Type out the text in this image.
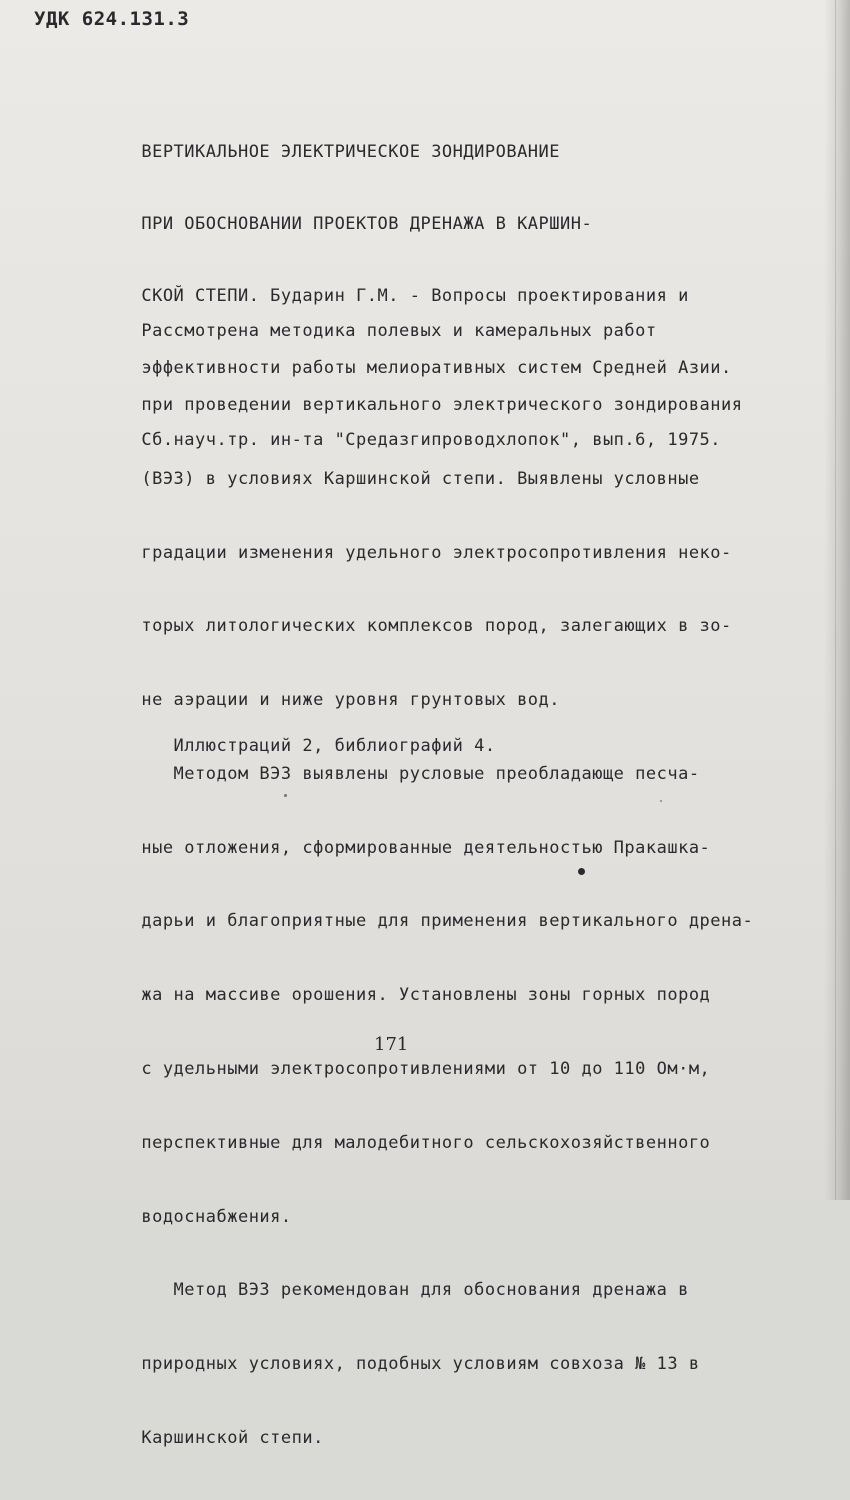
УДК 624.131.3

ВЕРТИКАЛЬНОЕ ЭЛЕКТРИЧЕСКОЕ ЗОНДИРОВАНИЕ

ПРИ ОБОСНОВАНИИ ПРОЕКТОВ ДРЕНАЖА В КАРШИН-

СКОЙ СТЕПИ. Бударин Г.М. - Вопросы проектирования и

эффективности работы мелиоративных систем Средней Азии.

Сб.науч.тр. ин-та "Средазгипроводхлопок", вып.6, 1975.

Рассмотрена методика полевых и камеральных работ

при проведении вертикального электрического зондирования

(ВЭЗ) в условиях Каршинской степи. Выявлены условные

градации изменения удельного электросопротивления неко-

торых литологических комплексов пород, залегающих в зо-

не аэрации и ниже уровня грунтовых вод.

Методом ВЭЗ выявлены русловые преобладающе песча-

ные отложения, сформированные деятельностью Пракашка-

дарьи и благоприятные для применения вертикального дрена-

жа на массиве орошения. Установлены зоны горных пород

с удельными электросопротивлениями от 10 до 110 Ом·м,

перспективные для малодебитного сельскохозяйственного

водоснабжения.

Метод ВЭЗ рекомендован для обоснования дренажа в

природных условиях, подобных условиям совхоза № 13 в

Каршинской степи.

Иллюстраций 2, библиографий 4.
171
